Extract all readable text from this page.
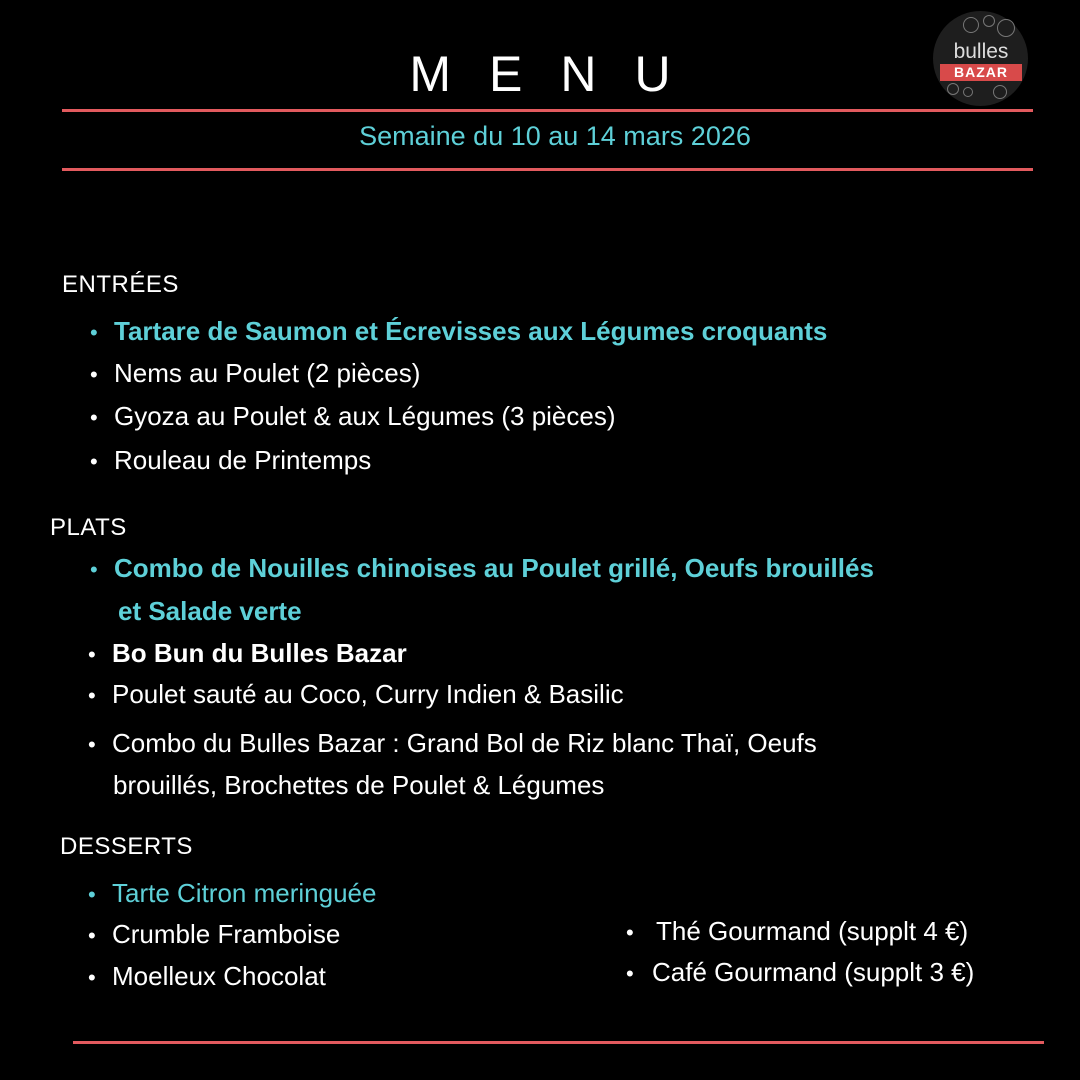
bulles
BAZAR
MENU
Semaine du 10 au 14 mars 2026
ENTRÉES
• Tartare de Saumon et Écrevisses aux Légumes croquants
• Nems au Poulet (2 pièces)
• Gyoza au Poulet & aux Légumes (3 pièces)
• Rouleau de Printemps
PLATS
• Combo de Nouilles chinoises au Poulet grillé, Oeufs brouillés
et Salade verte
• Bo Bun du Bulles Bazar
• Poulet sauté au Coco, Curry Indien & Basilic
• Combo du Bulles Bazar : Grand Bol de Riz blanc Thaï, Oeufs
brouillés, Brochettes de Poulet & Légumes
DESSERTS
• Tarte Citron meringuée
• Crumble Framboise
• Moelleux Chocolat
• Thé Gourmand (supplt 4 €)
• Café Gourmand (supplt 3 €)
